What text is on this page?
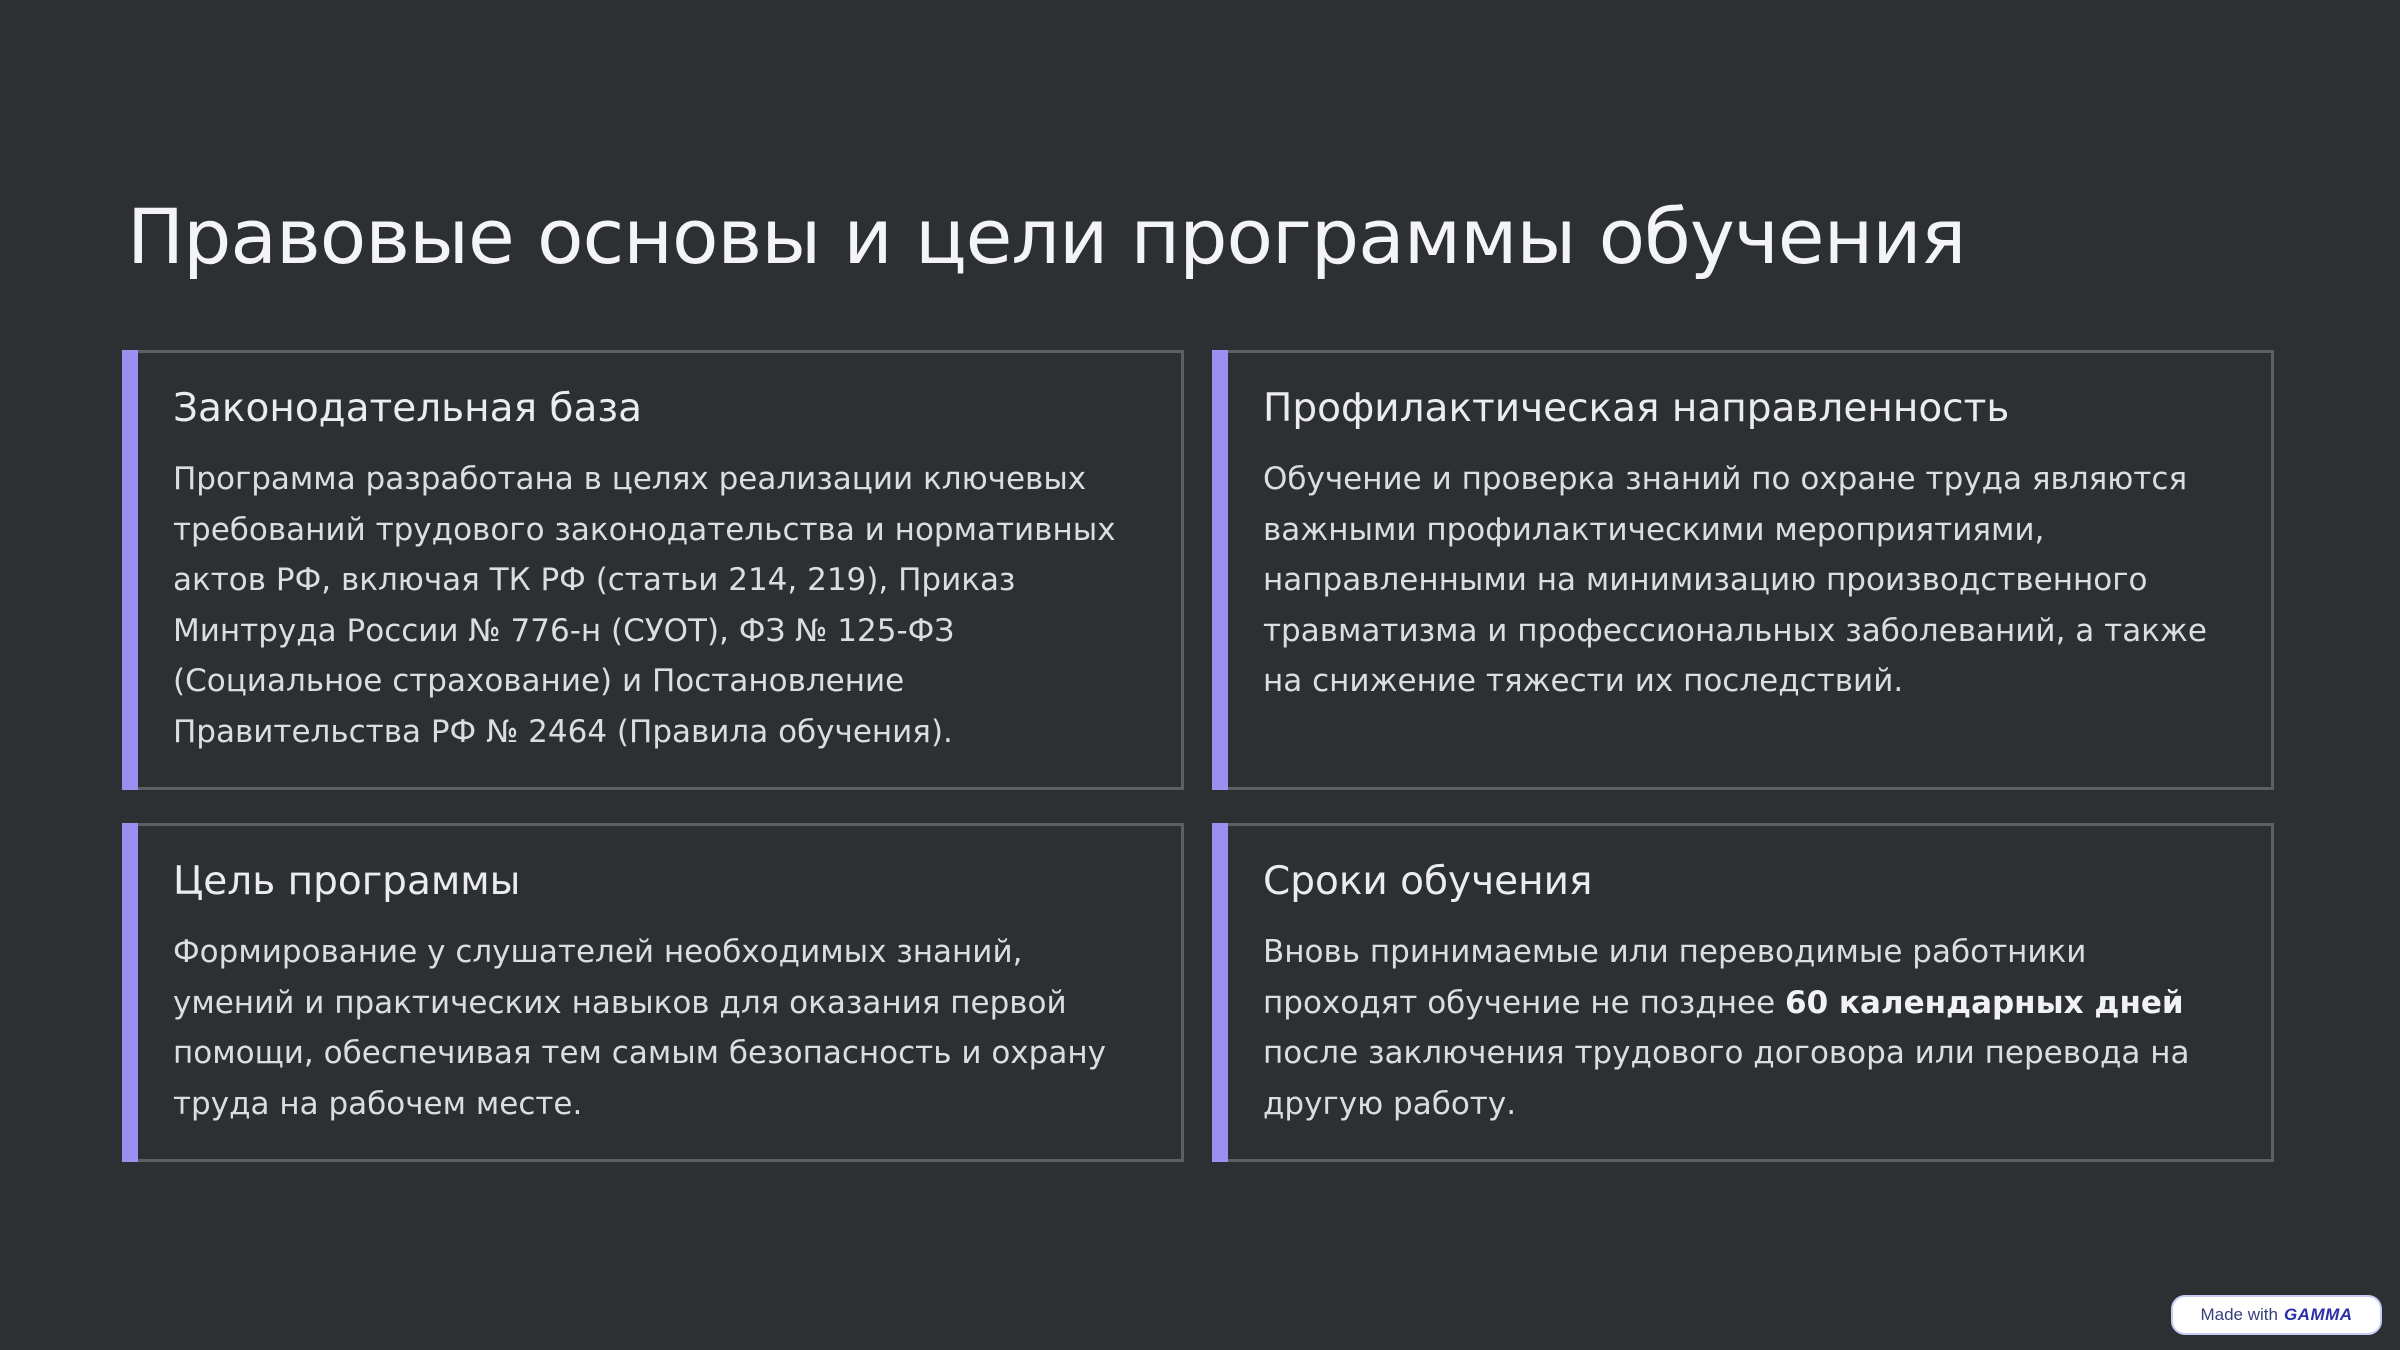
Правовые основы и цели программы обучения
Законодательная база

Программа разработана в целях реализации ключевых требований трудового законодательства и нормативных актов РФ, включая ТК РФ (статьи 214, 219), Приказ Минтруда России № 776-н (СУОТ), ФЗ № 125-ФЗ (Социальное страхование) и Постановление Правительства РФ № 2464 (Правила обучения).

Профилактическая направленность

Обучение и проверка знаний по охране труда являются важными профилактическими мероприятиями, направленными на минимизацию производственного травматизма и профессиональных заболеваний, а также на снижение тяжести их последствий.

Цель программы

Формирование у слушателей необходимых знаний, умений и практических навыков для оказания первой помощи, обеспечивая тем самым безопасность и охрану труда на рабочем месте.

Сроки обучения

Вновь принимаемые или переводимые работники проходят обучение не позднее 60 календарных дней после заключения трудового договора или перевода на другую работу.

Made with GAMMA
